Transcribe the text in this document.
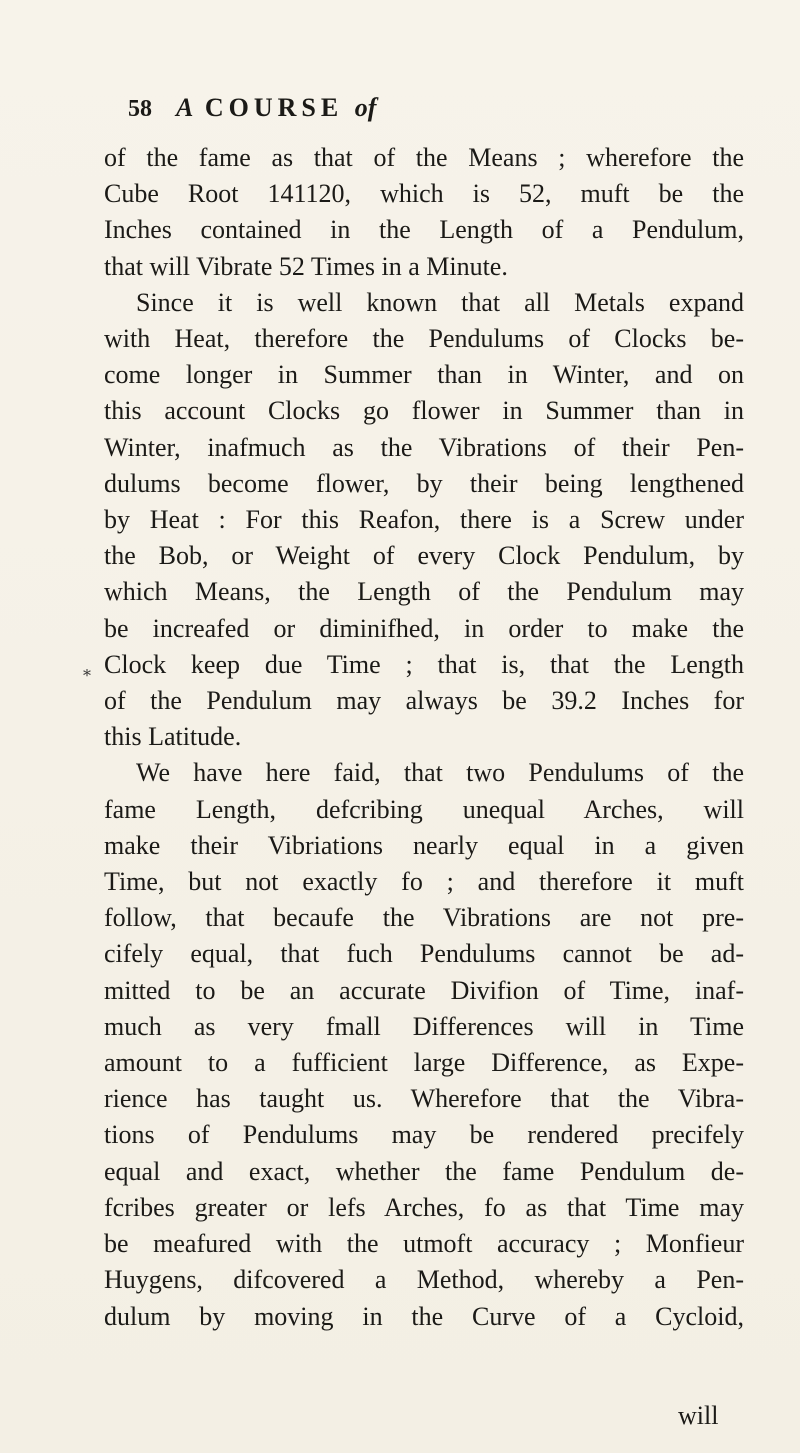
58 A COURSE of
*
of the fame as that of the Means ; wherefore the
Cube Root 141120, which is 52, muft be the
Inches contained in the Length of a Pendulum,
that will Vibrate 52 Times in a Minute.
Since it is well known that all Metals expand
with Heat, therefore the Pendulums of Clocks be-
come longer in Summer than in Winter, and on
this account Clocks go flower in Summer than in
Winter, inafmuch as the Vibrations of their Pen-
dulums become flower, by their being lengthened
by Heat : For this Reafon, there is a Screw under
the Bob, or Weight of every Clock Pendulum, by
which Means, the Length of the Pendulum may
be increafed or diminifhed, in order to make the
Clock keep due Time ; that is, that the Length
of the Pendulum may always be 39.2 Inches for
this Latitude.
We have here faid, that two Pendulums of the
fame Length, defcribing unequal Arches, will
make their Vibriations nearly equal in a given
Time, but not exactly fo ; and therefore it muft
follow, that becaufe the Vibrations are not pre-
cifely equal, that fuch Pendulums cannot be ad-
mitted to be an accurate Divifion of Time, inaf-
much as very fmall Differences will in Time
amount to a fufficient large Difference, as Expe-
rience has taught us. Wherefore that the Vibra-
tions of Pendulums may be rendered precifely
equal and exact, whether the fame Pendulum de-
fcribes greater or lefs Arches, fo as that Time may
be meafured with the utmoft accuracy ; Monfieur
Huygens, difcovered a Method, whereby a Pen-
dulum by moving in the Curve of a Cycloid,
will
